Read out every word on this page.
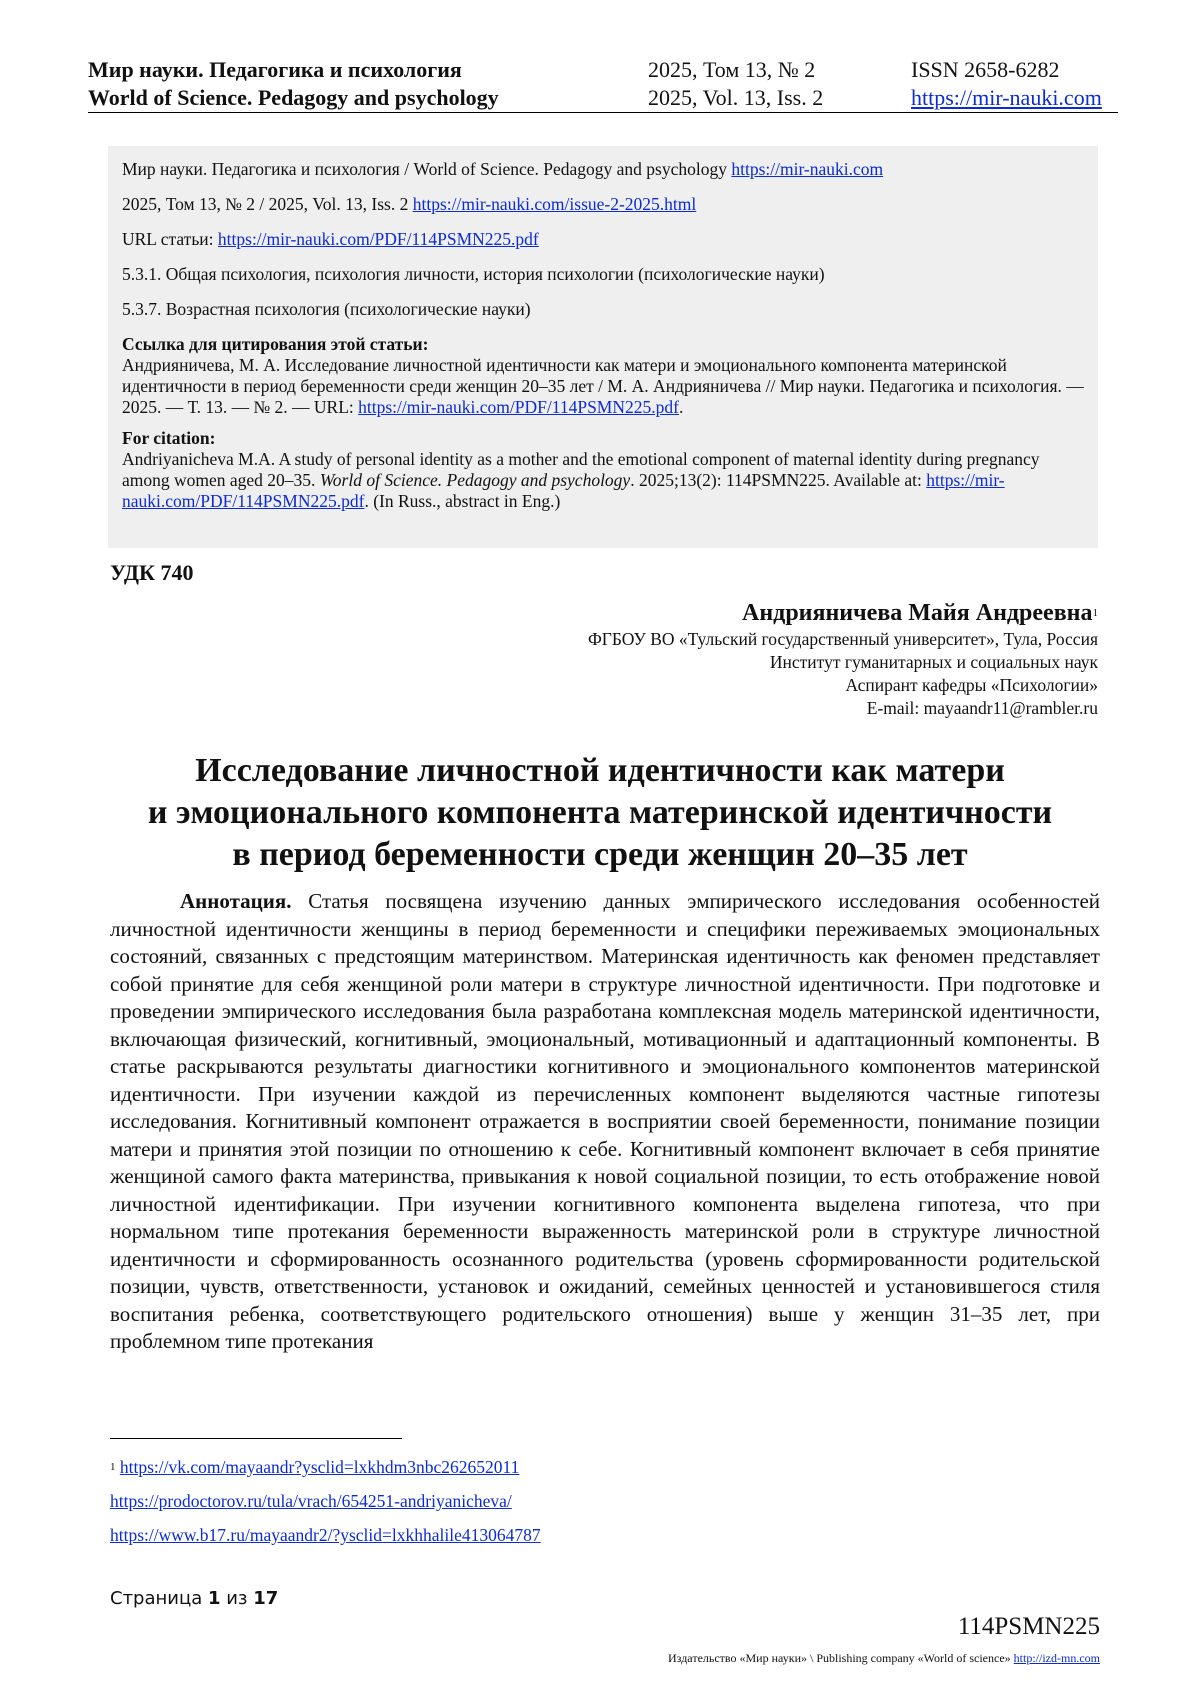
Мир науки. Педагогика и психология
World of Science. Pedagogy and psychology
2025, Том 13, № 2
2025, Vol. 13, Iss. 2
ISSN 2658-6282
https://mir-nauki.com

Мир науки. Педагогика и психология / World of Science. Pedagogy and psychology https://mir-nauki.com

2025, Том 13, № 2 / 2025, Vol. 13, Iss. 2 https://mir-nauki.com/issue-2-2025.html

URL статьи: https://mir-nauki.com/PDF/114PSMN225.pdf

5.3.1. Общая психология, психология личности, история психологии (психологические науки)

5.3.7. Возрастная психология (психологические науки)

Ссылка для цитирования этой статьи:

Андрияничева, М. А. Исследование личностной идентичности как матери и эмоционального компонента материнской идентичности в период беременности среди женщин 20–35 лет / М. А. Андрияничева // Мир науки. Педагогика и психология. — 2025. — Т. 13. — № 2. — URL: https://mir-nauki.com/PDF/114PSMN225.pdf.

For citation:

Andriyanicheva M.A. A study of personal identity as a mother and the emotional component of maternal identity during pregnancy among women aged 20–35. World of Science. Pedagogy and psychology. 2025;13(2): 114PSMN225. Available at: https://mir-nauki.com/PDF/114PSMN225.pdf. (In Russ., abstract in Eng.)

УДК 740
Андрияничева Майя Андреевна$^1$
ФГБОУ ВО «Тульский государственный университет», Тула, Россия
Институт гуманитарных и социальных наук
Аспирант кафедры «Психологии»
E-mail: mayaandr11@rambler.ru
Исследование личностной идентичности как матери
и эмоционального компонента материнской идентичности
в период беременности среди женщин 20–35 лет
Аннотация. Статья посвящена изучению данных эмпирического исследования особенностей личностной идентичности женщины в период беременности и специфики переживаемых эмоциональных состояний, связанных с предстоящим материнством. Материнская идентичность как феномен представляет собой принятие для себя женщиной роли матери в структуре личностной идентичности. При подготовке и проведении эмпирического исследования была разработана комплексная модель материнской идентичности, включающая физический, когнитивный, эмоциональный, мотивационный и адаптационный компоненты. В статье раскрываются результаты диагностики когнитивного и эмоционального компонентов материнской идентичности. При изучении каждой из перечисленных компонент выделяются частные гипотезы исследования. Когнитивный компонент отражается в восприятии своей беременности, понимание позиции матери и принятия этой позиции по отношению к себе. Когнитивный компонент включает в себя принятие женщиной самого факта материнства, привыкания к новой социальной позиции, то есть отображение новой личностной идентификации. При изучении когнитивного компонента выделена гипотеза, что при нормальном типе протекания беременности выраженность материнской роли в структуре личностной идентичности и сформированность осознанного родительства (уровень сформированности родительской позиции, чувств, ответственности, установок и ожиданий, семейных ценностей и установившегося стиля воспитания ребенка, соответствующего родительского отношения) выше у женщин 31–35 лет, при проблемном типе протекания
$^1$ https://vk.com/mayaandr?ysclid=lxkhdm3nbc262652011
https://prodoctorov.ru/tula/vrach/654251-andriyanicheva/
https://www.b17.ru/mayaandr2/?ysclid=lxkhhalile413064787
Страница 1 из 17
114PSMN225
Издательство «Мир науки» \ Publishing company «World of science» http://izd-mn.com
